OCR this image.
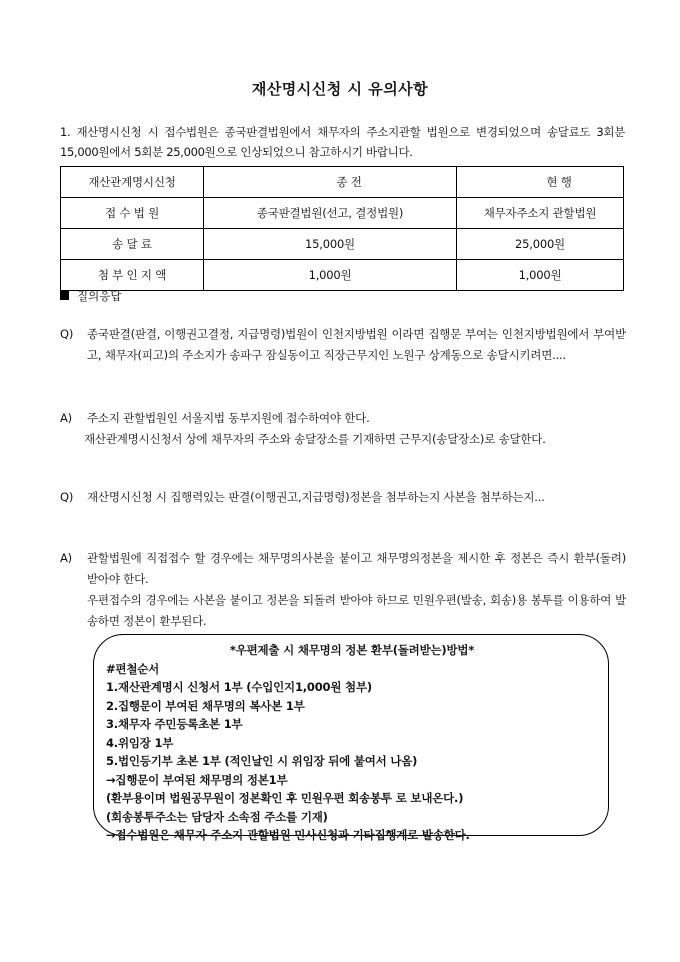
재산명시신청 시 유의사항
1. 재산명시신청 시 접수법원은 종국판결법원에서 채무자의 주소지관할 법원으로 변경되었으며 송달료도 3회분15,000원에서 5회분 25,000원으로 인상되었으니 참고하시기 바랍니다.
재산관계명시신청	종 전	현 행
접 수 법 원	종국판결법원(선고, 결정법원)	채무자주소지 관할법원
송 달 료	15,000원	25,000원
첨 부 인 지 액	1,000원	1,000원
질의응답
Q)	종국판결(판결, 이행권고결정, 지급명령)법원이 인천지방법원 이라면 집행문 부여는 인천지방법원에서 부여받고, 채무자(피고)의 주소지가 송파구 잠실동이고 직장근무지인 노원구 상계동으로 송달시키려면....
A)	주소지 관할법원인 서울지법 동부지원에 접수하여야 한다.
재산관계명시신청서 상에 채무자의 주소와 송달장소를 기재하면 근무지(송달장소)로 송달한다.
Q)	재산명시신청 시 집행력있는 판결(이행권고,지급명령)정본을 첨부하는지 사본을 첨부하는지...
A)	관할법원에 직접접수 할 경우에는 채무명의사본을 붙이고 채무명의정본을 제시한 후 정본은 즉시 환부(돌려) 받아야 한다.
우편접수의 경우에는 사본을 붙이고 정본을 되돌려 받아야 하므로 민원우편(발송, 회송)용 봉투를 이용하여 발송하면 정본이 환부된다.
*우편제출 시 채무명의 정본 환부(돌려받는)방법*
#편철순서
1.재산관계명시 신청서 1부 (수입인지1,000원 첨부)
2.집행문이 부여된 채무명의 복사본 1부
3.채무자 주민등록초본 1부
4.위임장 1부
5.법인등기부 초본 1부 (적인날인 시 위임장 뒤에 붙여서 나옴)
→집행문이 부여된 채무명의 정본1부
(환부용이며 법원공무원이 정본확인 후 민원우편 회송봉투 로 보내온다.)
(회송봉투주소는 담당자 소속점 주소를 기재)
→접수법원은 채무자 주소지 관할법원 민사신청과 기타집행계로 발송한다.
